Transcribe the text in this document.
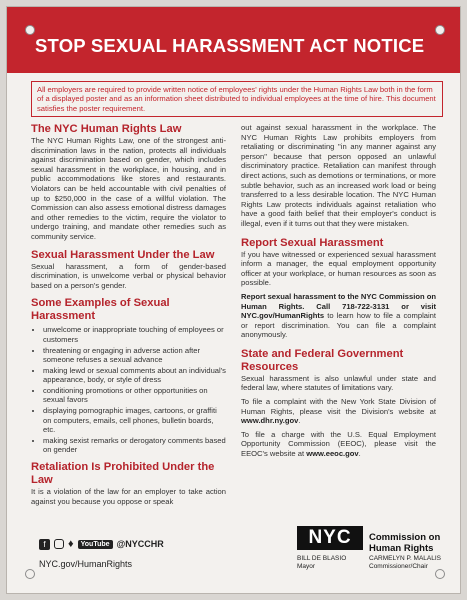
STOP SEXUAL HARASSMENT ACT NOTICE
All employers are required to provide written notice of employees' rights under the Human Rights Law both in the form of a displayed poster and as an information sheet distributed to individual employees at the time of hire. This document satisfies the poster requirement.
The NYC Human Rights Law

The NYC Human Rights Law, one of the strongest anti-discrimination laws in the nation, protects all individuals against discrimination based on gender, which includes sexual harassment in the workplace, in housing, and in public accommodations like stores and restaurants. Violators can be held accountable with civil penalties of up to $250,000 in the case of a willful violation. The Commission can also assess emotional distress damages and other remedies to the victim, require the violator to undergo training, and mandate other remedies such as community service.

Sexual Harassment Under the Law

Sexual harassment, a form of gender-based discrimination, is unwelcome verbal or physical behavior based on a person's gender.

Some Examples of Sexual Harassment
• unwelcome or inappropriate touching of employees or customers
• threatening or engaging in adverse action after someone refuses a sexual advance
• making lewd or sexual comments about an individual's appearance, body, or style of dress
• conditioning promotions or other opportunities on sexual favors
• displaying pornographic images, cartoons, or graffiti on computers, emails, cell phones, bulletin boards, etc.
• making sexist remarks or derogatory comments based on gender
Retaliation Is Prohibited Under the Law

It is a violation of the law for an employer to take action against you because you oppose or speak

out against sexual harassment in the workplace. The NYC Human Rights Law prohibits employers from retaliating or discriminating "in any manner against any person" because that person opposed an unlawful discriminatory practice. Retaliation can manifest through direct actions, such as demotions or terminations, or more subtle behavior, such as an increased work load or being transferred to a less desirable location. The NYC Human Rights Law protects individuals against retaliation who have a good faith belief that their employer's conduct is illegal, even if it turns out that they were mistaken.

Report Sexual Harassment

If you have witnessed or experienced sexual harassment inform a manager, the equal employment opportunity officer at your workplace, or human resources as soon as possible.

Report sexual harassment to the NYC Commission on Human Rights. Call 718-722-3131 or visit NYC.gov/HumanRights to learn how to file a complaint or report discrimination. You can file a complaint anonymously.

State and Federal Government Resources

Sexual harassment is also unlawful under state and federal law, where statutes of limitations vary.

To file a complaint with the New York State Division of Human Rights, please visit the Division's website at www.dhr.ny.gov.

To file a charge with the U.S. Equal Employment Opportunity Commission (EEOC), please visit the EEOC's website at www.eeoc.gov.

f	♦	YouTube @NYCCHR
NYC.gov/HumanRights
NYC	Commission on
Human Rights
BILL DE BLASIO
Mayor
CARMELYN P. MALALIS
Commissioner/Chair
